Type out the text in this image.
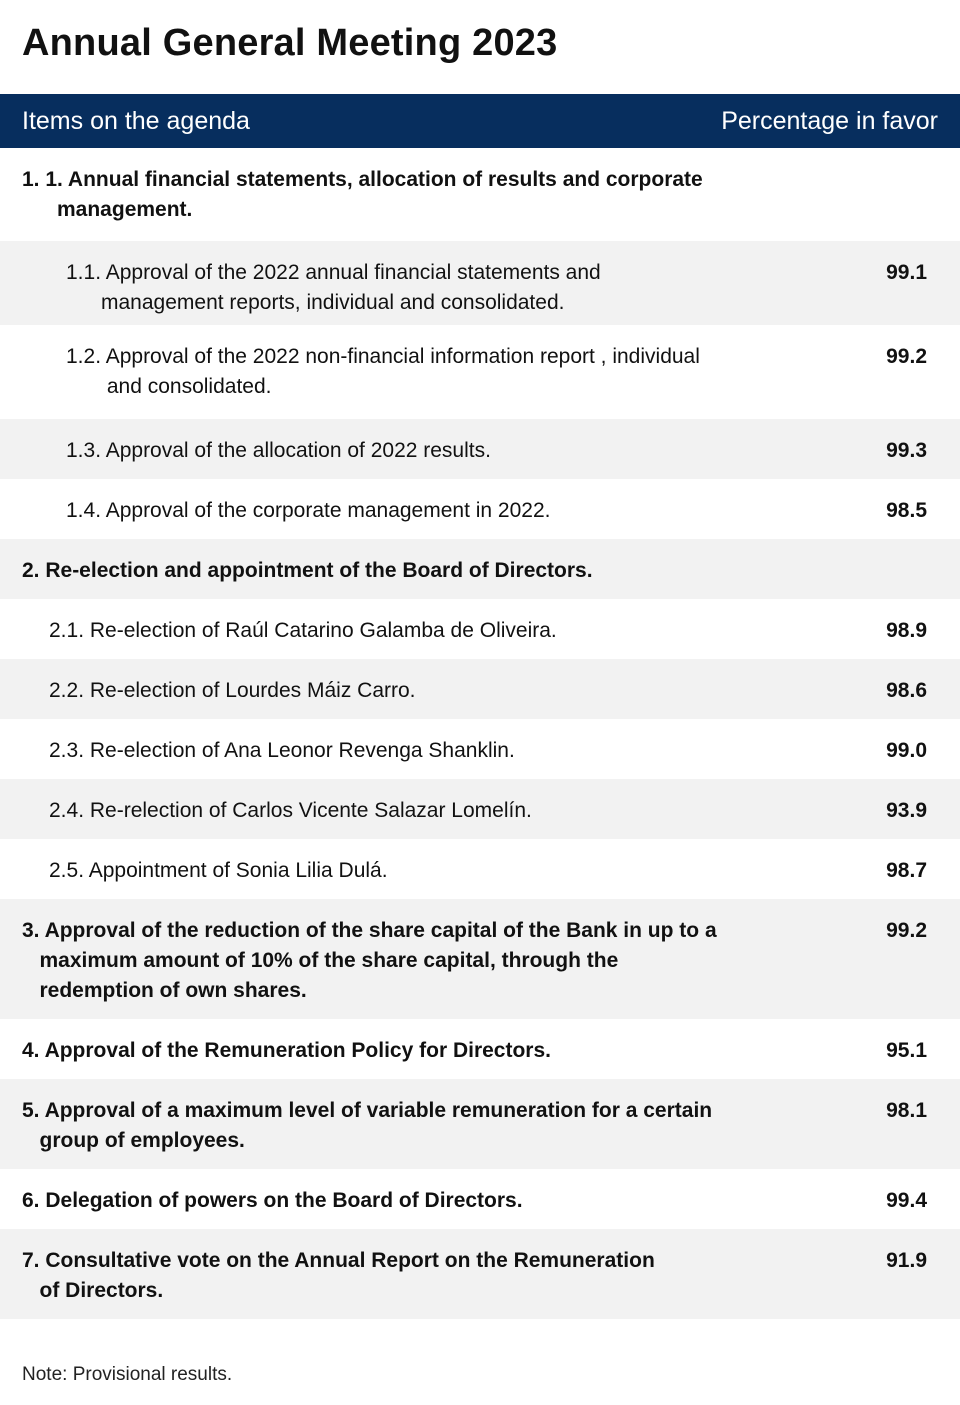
Annual General Meeting 2023
Items on the agenda	Percentage in favor
1. 1. Annual financial statements, allocation of results and corporate
management.
1.1. Approval of the 2022 annual financial statements and
management reports, individual and consolidated.
99.1
1.2. Approval of the 2022 non-financial information report , individual
and consolidated.
99.2
1.3. Approval of the allocation of 2022 results.	99.3
1.4. Approval of the corporate management in 2022.	98.5
2. Re-election and appointment of the Board of Directors.
2.1. Re-election of Raúl Catarino Galamba de Oliveira.	98.9
2.2. Re-election of Lourdes Máiz Carro.	98.6
2.3. Re-election of Ana Leonor Revenga Shanklin.	99.0
2.4. Re-relection of Carlos Vicente Salazar Lomelín.	93.9
2.5. Appointment of Sonia Lilia Dulá.	98.7
3. Approval of the reduction of the share capital of the Bank in up to a
maximum amount of 10% of the share capital, through the
redemption of own shares.
99.2
4. Approval of the Remuneration Policy for Directors.	95.1
5. Approval of a maximum level of variable remuneration for a certain
group of employees.
98.1
6. Delegation of powers on the Board of Directors.	99.4
7. Consultative vote on the Annual Report on the Remuneration
of Directors.
91.9
Note: Provisional results.
